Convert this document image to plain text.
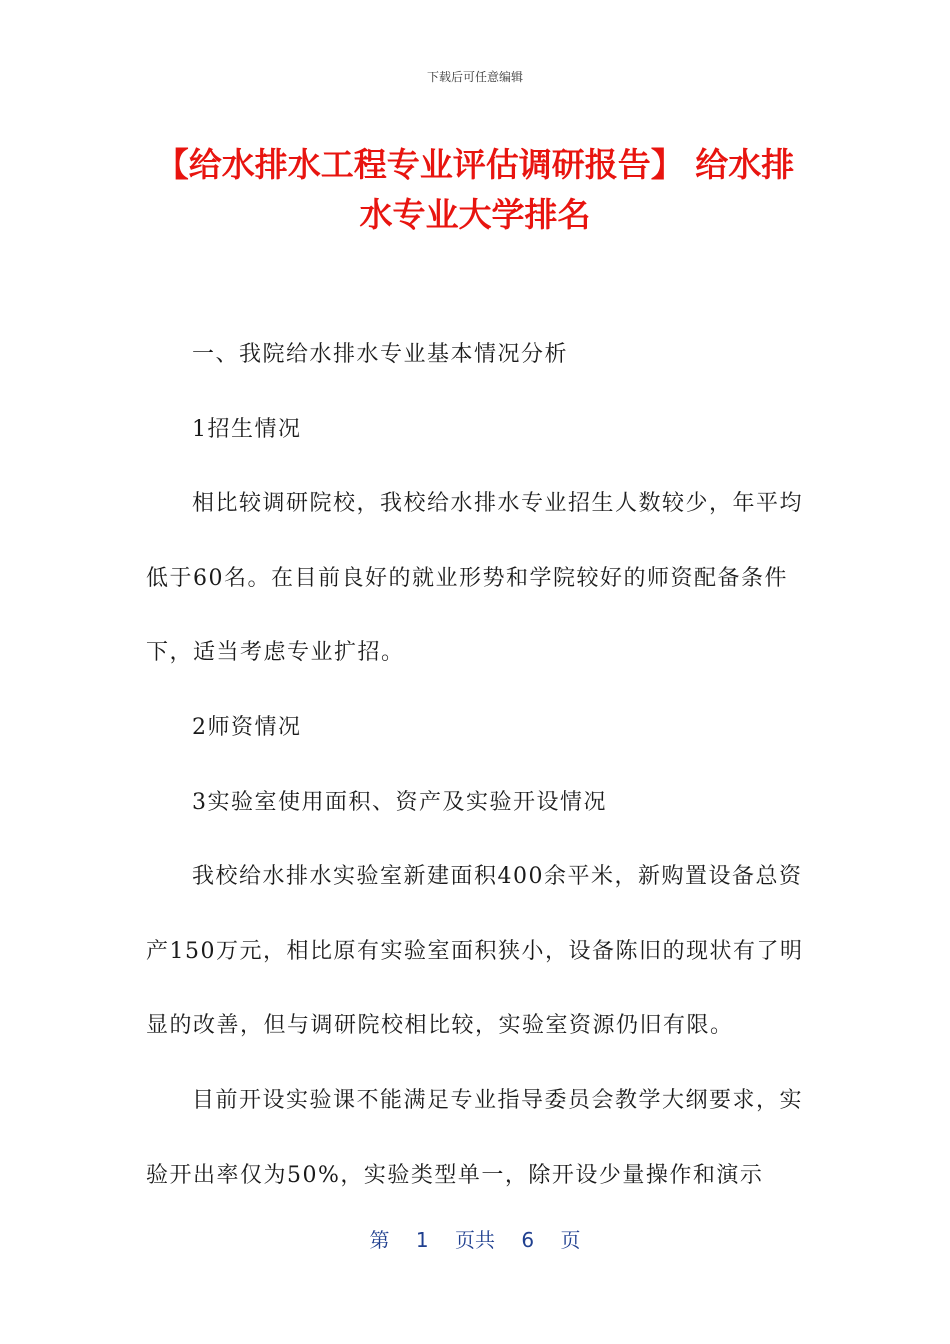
下载后可任意编辑
【给水排水工程专业评估调研报告】 给水排水专业大学排名

一、我院给水排水专业基本情况分析

1招生情况

相比较调研院校，我校给水排水专业招生人数较少，年平均低于60名。在目前良好的就业形势和学院较好的师资配备条件下，适当考虑专业扩招。

2师资情况

3实验室使用面积、资产及实验开设情况

我校给水排水实验室新建面积400余平米，新购置设备总资产150万元，相比原有实验室面积狭小，设备陈旧的现状有了明显的改善，但与调研院校相比较，实验室资源仍旧有限。

目前开设实验课不能满足专业指导委员会教学大纲要求，实验开出率仅为50%，实验类型单一，除开设少量操作和演示

第 1 页共 6 页
